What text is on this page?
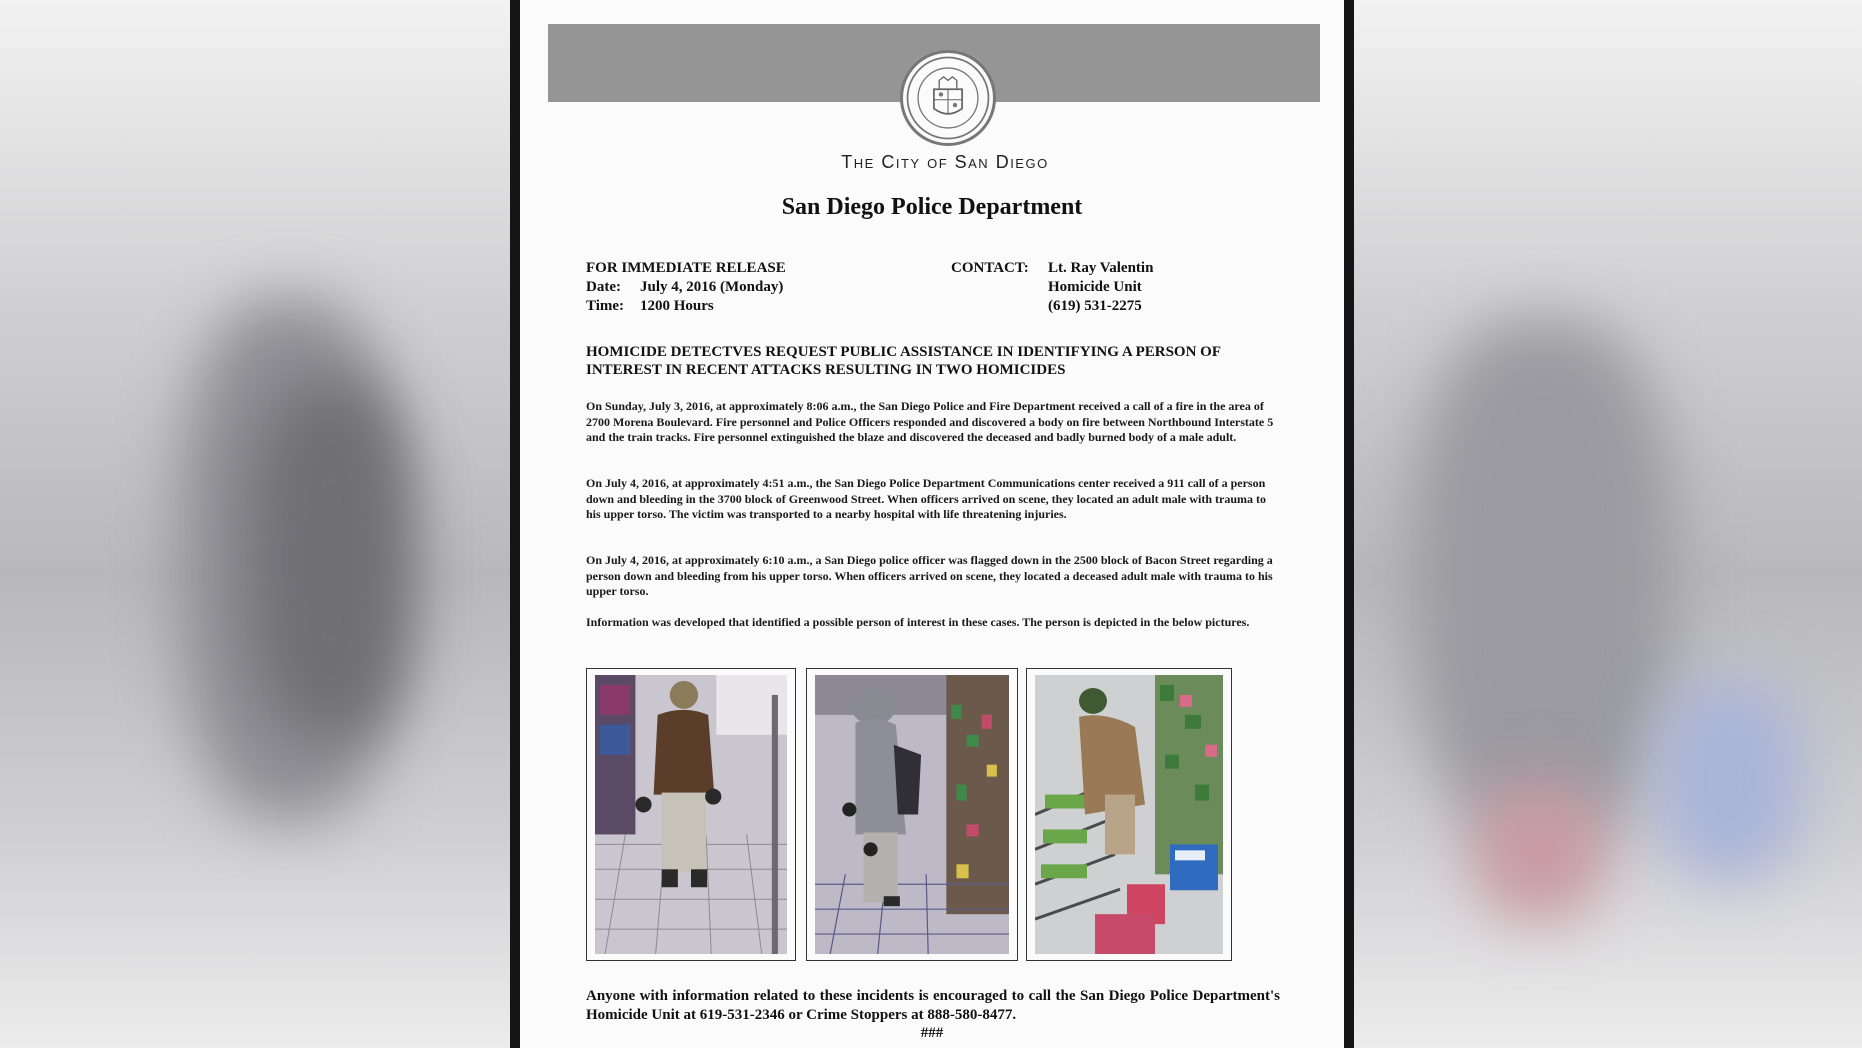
The City of San Diego
San Diego Police Department
FOR IMMEDIATE RELEASE
Date:	July 4, 2016 (Monday)
Time:	1200 Hours
CONTACT:	Lt. Ray Valentin
Homicide Unit
(619) 531-2275
HOMICIDE DETECTVES REQUEST PUBLIC ASSISTANCE IN IDENTIFYING A PERSON OF INTEREST IN RECENT ATTACKS RESULTING IN TWO HOMICIDES
On Sunday, July 3, 2016, at approximately 8:06 a.m., the San Diego Police and Fire Department received a call of a fire in the area of 2700 Morena Boulevard. Fire personnel and Police Officers responded and discovered a body on fire between Northbound Interstate 5 and the train tracks. Fire personnel extinguished the blaze and discovered the deceased and badly burned body of a male adult.
On July 4, 2016, at approximately 4:51 a.m., the San Diego Police Department Communications center received a 911 call of a person down and bleeding in the 3700 block of Greenwood Street. When officers arrived on scene, they located an adult male with trauma to his upper torso. The victim was transported to a nearby hospital with life threatening injuries.
On July 4, 2016, at approximately 6:10 a.m., a San Diego police officer was flagged down in the 2500 block of Bacon Street regarding a person down and bleeding from his upper torso. When officers arrived on scene, they located a deceased adult male with trauma to his upper torso.
Information was developed that identified a possible person of interest in these cases. The person is depicted in the below pictures.
Anyone with information related to these incidents is encouraged to call the San Diego Police Department's Homicide Unit at 619-531-2346 or Crime Stoppers at 888-580-8477.
###
